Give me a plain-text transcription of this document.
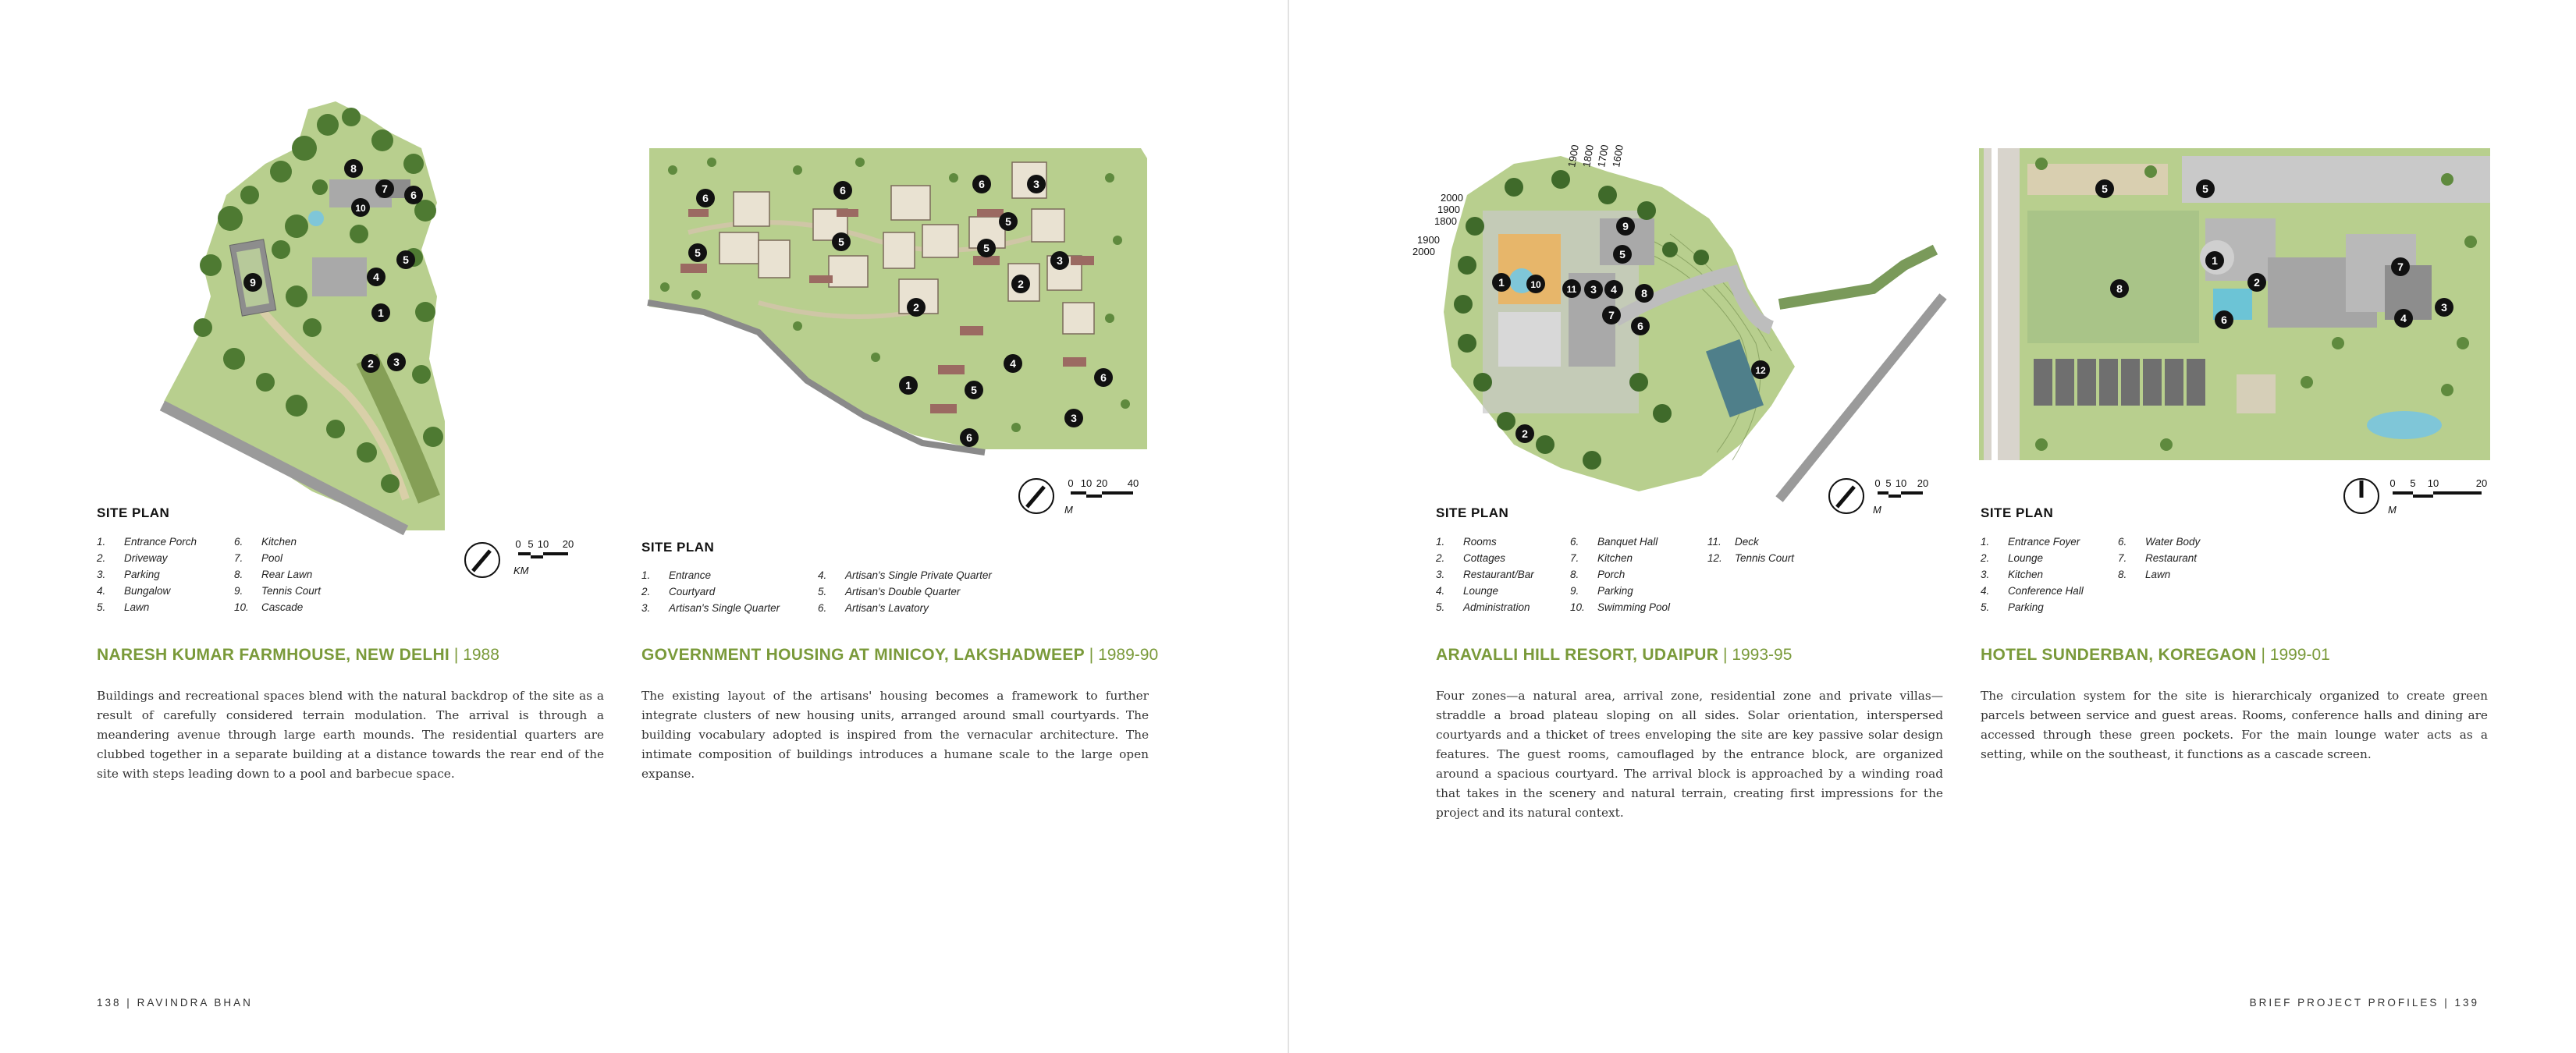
1
2 3
4
5
6
7
8
9
10
SITE PLAN
1. Entrance Porch
2. Driveway
3. Parking
4. Bungalow
5. Lawn
6. Kitchen
7. Pool
8. Rear Lawn
9. Tennis Court
10. Cascade
0 5 10 20
KM
NARESH KUMAR FARMHOUSE, NEW DELHI | 1988
Buildings and recreational spaces blend with the natural backdrop of the site as a result of carefully considered terrain modulation. The arrival is through a meandering avenue through large earth mounds. The residential quarters are clubbed together in a separate building at a distance towards the rear end of the site with steps leading down to a pool and barbecue space.
6
5
6
5
6
5
5
3
3
2
2
1
4
6
5
3
6
0 10 20 40
M
SITE PLAN
1. Entrance
2. Courtyard
3. Artisan's Single Quarter
4. Artisan's Single Private Quarter
5. Artisan's Double Quarter
6. Artisan's Lavatory
GOVERNMENT HOUSING AT MINICOY, LAKSHADWEEP | 1989-90
The existing layout of the artisans' housing becomes a framework to further integrate clusters of new housing units, arranged around small courtyards. The building vocabulary adopted is inspired from the vernacular architecture. The intimate composition of buildings introduces a humane scale to the large open expanse.
138 | RAVINDRA BHAN
1
2
3 4
5
6
7
8
9
10	11
12
1900 1800 1700 1600
2000
1900
1800
1900
2000
0 5 10 20
M
SITE PLAN
1. Rooms
2. Cottages
3. Restaurant/Bar
4. Lounge
5. Administration
6. Banquet Hall
7. Kitchen
8. Porch
9. Parking
10. Swimming Pool
11. Deck
12. Tennis Court
ARAVALLI HILL RESORT, UDAIPUR | 1993-95
Four zones—a natural area, arrival zone, residential zone and private villas— straddle a broad plateau sloping on all sides. Solar orientation, interspersed courtyards and a thicket of trees enveloping the site are key passive solar design features. The guest rooms, camouflaged by the entrance block, are organized around a spacious courtyard. The arrival block is approached by a winding road that takes in the scenery and natural terrain, creating first impressions for the project and its natural context.
5	5
1
2
7
8
6	4
3
0 5 10	20
M
SITE PLAN
1. Entrance Foyer
2. Lounge
3. Kitchen
4. Conference Hall
5. Parking
6. Water Body
7. Restaurant
8. Lawn
HOTEL SUNDERBAN, KOREGAON | 1999-01
The circulation system for the site is hierarchicaly organized to create green parcels between service and guest areas. Rooms, conference halls and dining are accessed through these green pockets. For the main lounge water acts as a setting, while on the southeast, it functions as a cascade screen.
BRIEF PROJECT PROFILES | 139
